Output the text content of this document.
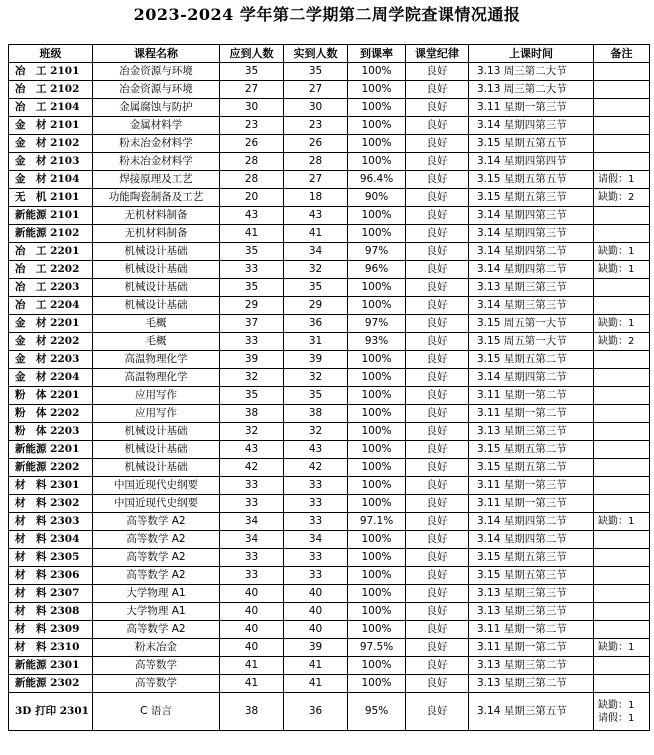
2023-2024 学年第二学期第二周学院查课情况通报
班级	课程名称	应到人数	实到人数	到课率	课堂纪律	上课时间	备注
冶　工 2101	冶金资源与环境	35	35	100%	良好	3.13 周三第二大节	
冶　工 2102	冶金资源与环境	27	27	100%	良好	3.13 周三第二大节	
冶　工 2104	金属腐蚀与防护	30	30	100%	良好	3.11 星期一第三节	
金　材 2101	金属材料学	23	23	100%	良好	3.14 星期四第三节	
金　材 2102	粉末冶金材料学	26	26	100%	良好	3.15 星期五第五节	
金　材 2103	粉末冶金材料学	28	28	100%	良好	3.14 星期四第四节	
金　材 2104	焊接原理及工艺	28	27	96.4%	良好	3.15 星期五第五节	请假：1
无　机 2101	功能陶瓷制备及工艺	20	18	90%	良好	3.15 星期五第三节	缺勤：2
新能源 2101	无机材料制备	43	43	100%	良好	3.14 星期四第三节	
新能源 2102	无机材料制备	41	41	100%	良好	3.14 星期四第三节	
冶　工 2201	机械设计基础	35	34	97%	良好	3.14 星期四第二节	缺勤：1
冶　工 2202	机械设计基础	33	32	96%	良好	3.14 星期四第二节	缺勤：1
冶　工 2203	机械设计基础	35	35	100%	良好	3.13 星期三第三节	
冶　工 2204	机械设计基础	29	29	100%	良好	3.14 星期三第三节	
金　材 2201	毛概	37	36	97%	良好	3.15 周五第一大节	缺勤：1
金　材 2202	毛概	33	31	93%	良好	3.15 周五第一大节	缺勤：2
金　材 2203	高温物理化学	39	39	100%	良好	3.15 星期五第二节	
金　材 2204	高温物理化学	32	32	100%	良好	3.14 星期四第二节	
粉　体 2201	应用写作	35	35	100%	良好	3.11 星期一第二节	
粉　体 2202	应用写作	38	38	100%	良好	3.11 星期一第二节	
粉　体 2203	机械设计基础	32	32	100%	良好	3.13 星期三第三节	
新能源 2201	机械设计基础	43	43	100%	良好	3.15 星期五第二节	
新能源 2202	机械设计基础	42	42	100%	良好	3.15 星期五第二节	
材　料 2301	中国近现代史纲要	33	33	100%	良好	3.11 星期一第三节	
材　料 2302	中国近现代史纲要	33	33	100%	良好	3.11 星期一第三节	
材　料 2303	高等数学 A2	34	33	97.1%	良好	3.14 星期四第二节	缺勤：1
材　料 2304	高等数学 A2	34	34	100%	良好	3.14 星期四第二节	
材　料 2305	高等数学 A2	33	33	100%	良好	3.15 星期五第三节	
材　料 2306	高等数学 A2	33	33	100%	良好	3.15 星期五第三节	
材　料 2307	大学物理 A1	40	40	100%	良好	3.13 星期三第三节	
材　料 2308	大学物理 A1	40	40	100%	良好	3.13 星期三第三节	
材　料 2309	高等数学 A2	40	40	100%	良好	3.11 星期一第二节	
材　料 2310	粉末冶金	40	39	97.5%	良好	3.11 星期一第二节	缺勤：1
新能源 2301	高等数学	41	41	100%	良好	3.13 星期三第二节	
新能源 2302	高等数学	41	41	100%	良好	3.13 星期三第二节	
3D 打印 2301	C 语言	38	36	95%	良好	3.14 星期三第五节	缺勤：1
请假：1
